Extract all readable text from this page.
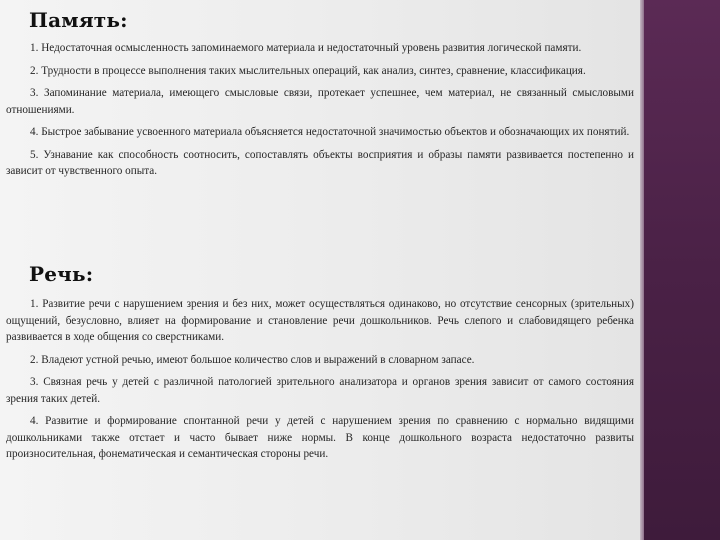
Память:

1. Недостаточная осмысленность запоминаемого материала и недостаточный уровень развития логической памяти.

2. Трудности в процессе выполнения таких мыслительных операций, как анализ, синтез, сравнение, классификация.

3. Запоминание материала, имеющего смысловые связи, протекает успешнее, чем материал, не связанный смысловыми отношениями.

4. Быстрое забывание усвоенного материала объясняется недостаточной значимостью объектов и обозначающих их понятий.

5. Узнавание как способность соотносить, сопоставлять объекты восприятия и образы памяти развивается постепенно и зависит от чувственного опыта.

Речь:

1. Развитие речи с нарушением зрения и без них, может осуществляться одинаково, но отсутствие сенсорных (зрительных) ощущений, безусловно, влияет на формирование и становление речи дошкольников. Речь слепого и слабовидящего ребенка развивается в ходе общения со сверстниками.

2. Владеют устной речью, имеют большое количество слов и выражений в словарном запасе.

3. Связная речь у детей с различной патологией зрительного анализатора и органов зрения зависит от самого состояния зрения таких детей.

4. Развитие и формирование спонтанной речи у детей с нарушением зрения по сравнению с нормально видящими дошкольниками также отстает и часто бывает ниже нормы. В конце дошкольного возраста недостаточно развиты произносительная, фонематическая и семантическая стороны речи.
